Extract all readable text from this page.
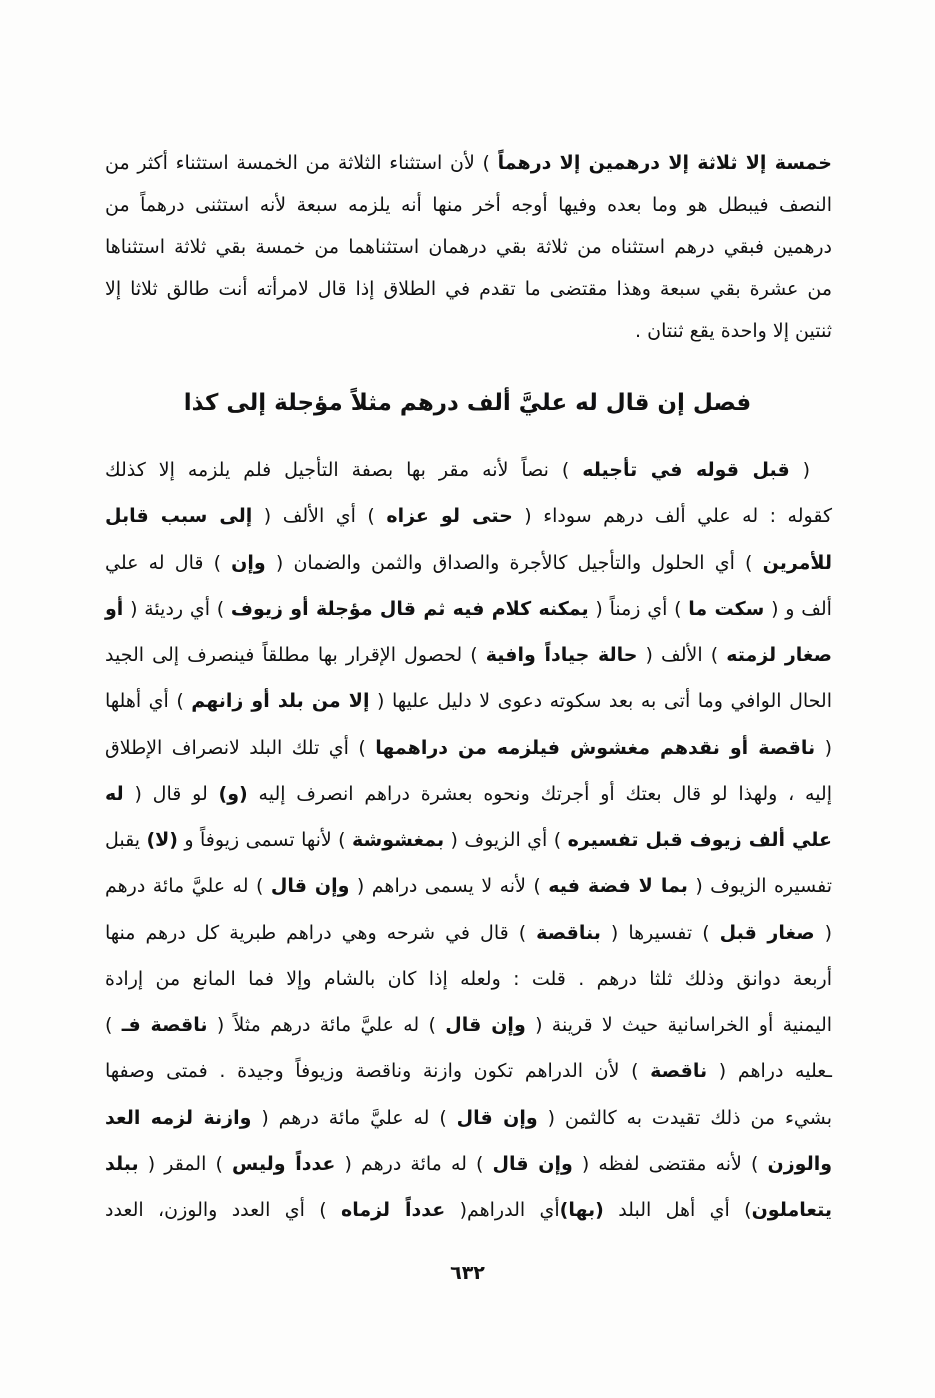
خمسة إلا ثلاثة إلا درهمين إلا درهماً ) لأن استثناء الثلاثة من الخمسة استثناء أكثر من
النصف فيبطل هو وما بعده وفيها أوجه أخر منها أنه يلزمه سبعة لأنه استثنى درهماً من
درهمين فبقي درهم استثناه من ثلاثة بقي درهمان استثناهما من خمسة بقي ثلاثة استثناها
من عشرة بقي سبعة وهذا مقتضى ما تقدم في الطلاق إذا قال لامرأته أنت طالق ثلاثا إلا
ثنتين إلا واحدة يقع ثنتان .
فصل إن قال له عليَّ ألف درهم مثلاً مؤجلة إلى كذا
( قبل قوله في تأجيله ) نصاً لأنه مقر بها بصفة التأجيل فلم يلزمه إلا كذلك
كقوله : له علي ألف درهم سوداء ( حتى لو عزاه ) أي الألف ( إلى سبب قابل
للأمرين ) أي الحلول والتأجيل كالأجرة والصداق والثمن والضمان ( وإن ) قال له علي
ألف و ( سكت ما ) أي زمناً ( يمكنه كلام فيه ثم قال مؤجلة أو زيوف ) أي رديئة ( أو
صغار لزمته ) الألف ( حالة جياداً وافية ) لحصول الإقرار بها مطلقاً فينصرف إلى الجيد
الحال الوافي وما أتى به بعد سكوته دعوى لا دليل عليها ( إلا من بلد أو زانهم ) أي أهلها
( ناقصة أو نقدهم مغشوش فيلزمه من دراهمها ) أي تلك البلد لانصراف الإطلاق
إليه ، ولهذا لو قال بعتك أو أجرتك ونحوه بعشرة دراهم انصرف إليه (و) لو قال ( له
علي ألف زيوف قبل تفسيره ) أي الزيوف ( بمغشوشة ) لأنها تسمى زيوفاً و (لا) يقبل
تفسيره الزيوف ( بما لا فضة فيه ) لأنه لا يسمى دراهم ( وإن قال ) له عليَّ مائة درهم
( صغار قبل ) تفسيرها ( بناقصة ) قال في شرحه وهي دراهم طبرية كل درهم منها
أربعة دوانق وذلك ثلثا درهم . قلت : ولعله إذا كان بالشام وإلا فما المانع من إرادة
اليمنية أو الخراسانية حيث لا قرينة ( وإن قال ) له عليَّ مائة درهم مثلاً ( ناقصة فـ )
ـعليه دراهم ( ناقصة ) لأن الدراهم تكون وازنة وناقصة وزيوفاً وجيدة . فمتى وصفها
بشيء من ذلك تقيدت به كالثمن ( وإن قال ) له عليَّ مائة درهم ( وازنة لزمه العد
والوزن ) لأنه مقتضى لفظه ( وإن قال ) له مائة درهم ( عدداً وليس ) المقر ( ببلد
يتعاملون) أي أهل البلد (بها)أي الدراهم( عدداً لزماه ) أي العدد والوزن، العدد
٦٣٢
